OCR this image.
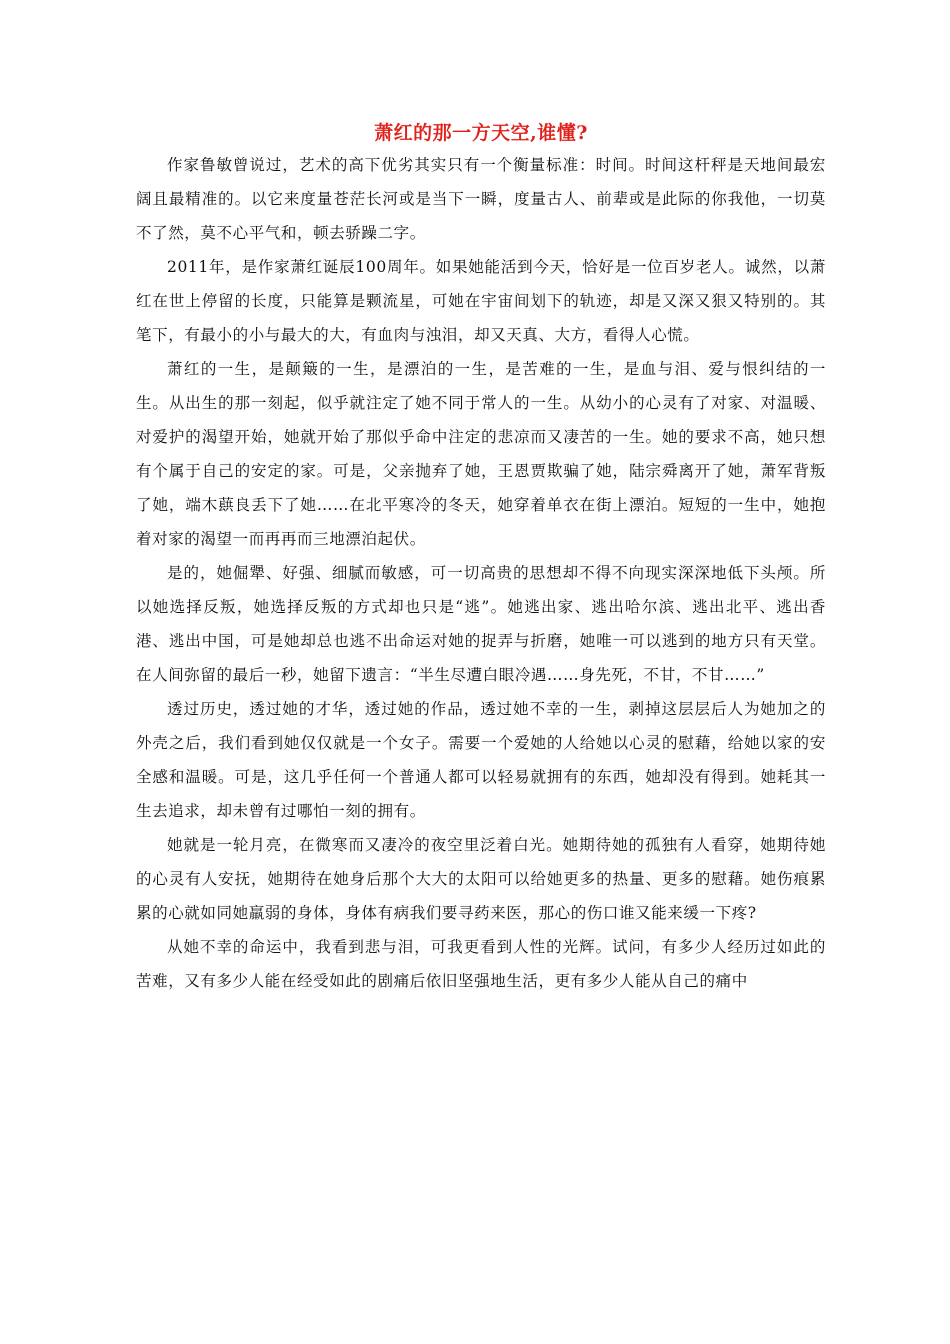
萧红的那一方天空,谁懂?

作家鲁敏曾说过，艺术的高下优劣其实只有一个衡量标准：时间。时间这杆秤是天地间最宏阔且最精准的。以它来度量苍茫长河或是当下一瞬，度量古人、前辈或是此际的你我他，一切莫不了然，莫不心平气和，顿去骄躁二字。

2011年，是作家萧红诞辰100周年。如果她能活到今天，恰好是一位百岁老人。诚然，以萧红在世上停留的长度，只能算是颗流星，可她在宇宙间划下的轨迹，却是又深又狠又特别的。其笔下，有最小的小与最大的大，有血肉与浊泪，却又天真、大方，看得人心慌。

萧红的一生，是颠簸的一生，是漂泊的一生，是苦难的一生，是血与泪、爱与恨纠结的一生。从出生的那一刻起，似乎就注定了她不同于常人的一生。从幼小的心灵有了对家、对温暖、对爱护的渴望开始，她就开始了那似乎命中注定的悲凉而又凄苦的一生。她的要求不高，她只想有个属于自己的安定的家。可是，父亲抛弃了她，王恩贾欺骗了她，陆宗舜离开了她，萧军背叛了她，端木蕻良丢下了她……在北平寒冷的冬天，她穿着单衣在街上漂泊。短短的一生中，她抱着对家的渴望一而再再而三地漂泊起伏。

是的，她倔犟、好强、细腻而敏感，可一切高贵的思想却不得不向现实深深地低下头颅。所以她选择反叛，她选择反叛的方式却也只是“逃”。她逃出家、逃出哈尔滨、逃出北平、逃出香港、逃出中国，可是她却总也逃不出命运对她的捉弄与折磨，她唯一可以逃到的地方只有天堂。在人间弥留的最后一秒，她留下遗言：“半生尽遭白眼冷遇……身先死，不甘，不甘……”

透过历史，透过她的才华，透过她的作品，透过她不幸的一生，剥掉这层层后人为她加之的外壳之后，我们看到她仅仅就是一个女子。需要一个爱她的人给她以心灵的慰藉，给她以家的安全感和温暖。可是，这几乎任何一个普通人都可以轻易就拥有的东西，她却没有得到。她耗其一生去追求，却未曾有过哪怕一刻的拥有。

她就是一轮月亮，在微寒而又凄冷的夜空里泛着白光。她期待她的孤独有人看穿，她期待她的心灵有人安抚，她期待在她身后那个大大的太阳可以给她更多的热量、更多的慰藉。她伤痕累累的心就如同她羸弱的身体，身体有病我们要寻药来医，那心的伤口谁又能来缓一下疼?

从她不幸的命运中，我看到悲与泪，可我更看到人性的光辉。试问，有多少人经历过如此的苦难，又有多少人能在经受如此的剧痛后依旧坚强地生活，更有多少人能从自己的痛中
